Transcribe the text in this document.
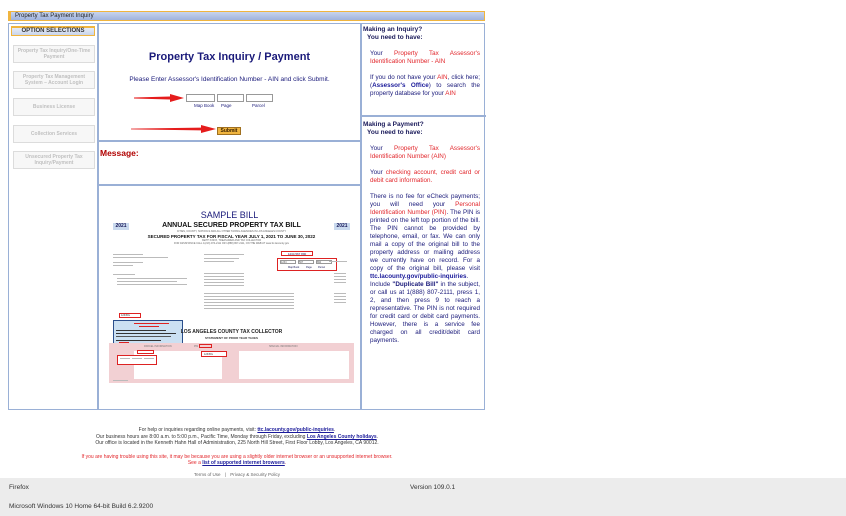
Property Tax Payment Inquiry
OPTION SELECTIONS
Property Tax Inquiry/One-Time Payment
Property Tax Management System – Account Login
Business License
Collection Services
Unsecured Property Tax Inquiry/Payment
Property Tax Inquiry / Payment
Please Enter Assessor's Identification Number - AIN and click Submit.
Map Book Page	Parcel
Submit
Message:
SAMPLE BILL
2021	2021
ANNUAL SECURED PROPERTY TAX BILL
CITIES, COUNTY, SCHOOLS AND ALL OTHER TAXING AGENCIES IN LOS ANGELES COUNTY
SECURED PROPERTY TAX FOR FISCAL YEAR JULY 1, 2021 TO JUNE 30, 2022
KEITH KNOX, TREASURER AND TAX COLLECTOR
FOR ASSISTANCE CALL 1(213) 974-2111 OR 1(888) 807-2111, ON THE WEB AT www.ttc.lacounty.gov
1234 567 890
1234	567	890
Map Book	Page Parcel
12345G
LOS ANGELES COUNTY TAX COLLECTOR
STATEMENT OF PRIOR YEAR TAXES
PARCEL INFORMATION	PIN	SPECIAL INFORMATION
12345G
Making an Inquiry?
You need to have:
Your Property Tax Assessor's Identification Number - AIN
If you do not have your AIN, click here; (Assessor's Office) to search the property database for your AIN
Making a Payment?
You need to have:
Your Property Tax Assessor's Identification Number (AIN)
Your checking account, credit card or debit card information.
There is no fee for eCheck payments; you will need your Personal Identification Number (PIN). The PIN is printed on the left top portion of the bill. The PIN cannot be provided by telephone, email, or fax. We can only mail a copy of the original bill to the property address or mailing address we currently have on record. For a copy of the original bill, please visit ttc.lacounty.gov/public-inquiries. Include "Duplicate Bill" in the subject, or call us at 1(888) 807-2111, press 1, 2, and then press 9 to reach a representative. The PIN is not required for credit card or debit card payments. However, there is a service fee charged on all credit/debit card payments.
For help or inquiries regarding online payments, visit: ttc.lacounty.gov/public-inquiries.
Our business hours are 8:00 a.m. to 5:00 p.m., Pacific Time, Monday through Friday, excluding Los Angeles County holidays.
Our office is located in the Kenneth Hahn Hall of Administration, 225 North Hill Street, First Floor Lobby, Los Angeles, CA 90012.
If you are having trouble using this site, it may be because you are using a slightly older internet browser or an unsupported internet browser.
See a list of supported internet browsers.
Terms of Use | Privacy & Security Policy
Firefox	Version 109.0.1
Microsoft Windows 10 Home 64-bit Build 6.2.9200
